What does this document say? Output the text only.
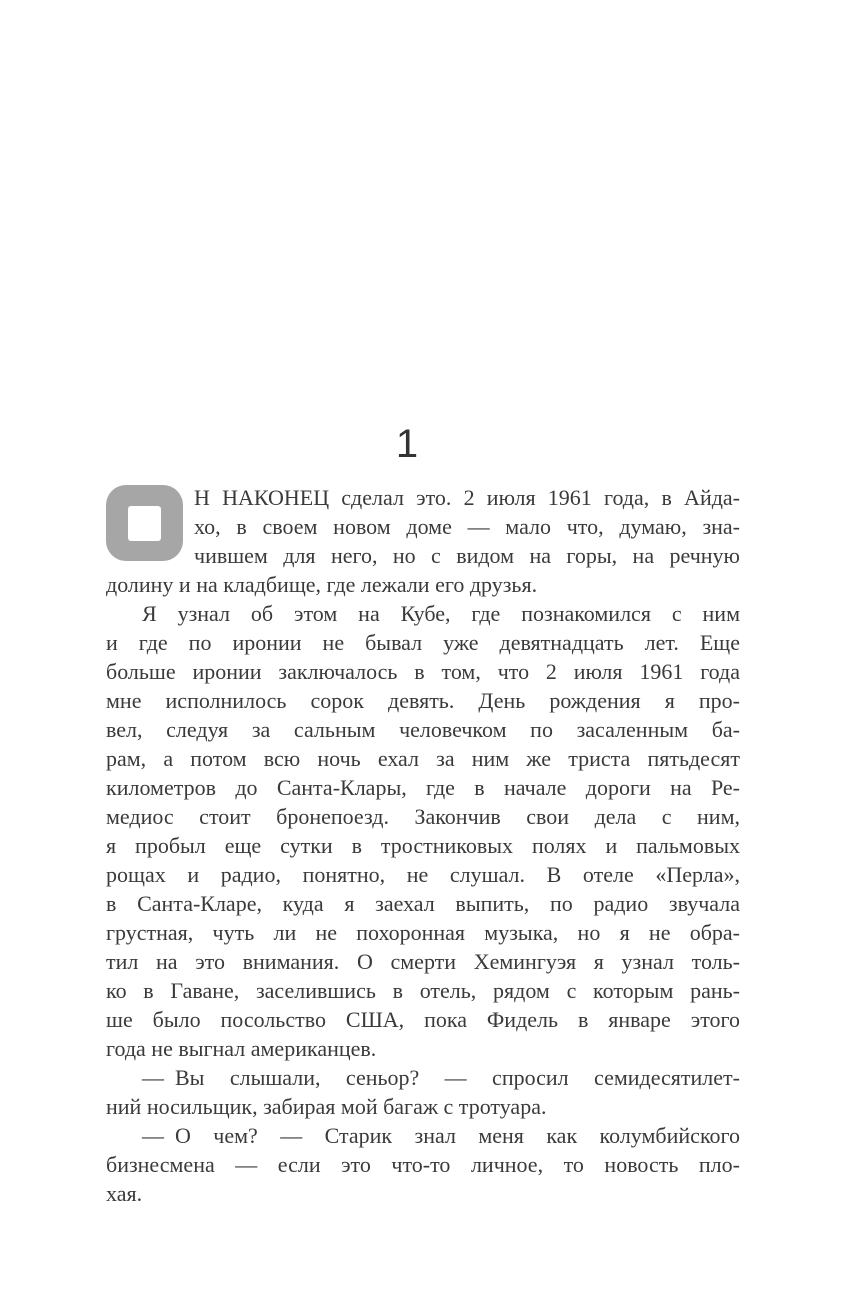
1
Н НАКОНЕЦ сделал это. 2 июля 1961 года, в Айда-
хо, в своем новом доме — мало что, думаю, зна-
чившем для него, но с видом на горы, на речную
долину и на кладбище, где лежали его друзья.
Я узнал об этом на Кубе, где познакомился с ним
и где по иронии не бывал уже девятнадцать лет. Еще
больше иронии заключалось в том, что 2 июля 1961 года
мне исполнилось сорок девять. День рождения я про-
вел, следуя за сальным человечком по засаленным ба-
рам, а потом всю ночь ехал за ним же триста пятьдесят
километров до Санта-Клары, где в начале дороги на Ре-
медиос стоит бронепоезд. Закончив свои дела с ним,
я пробыл еще сутки в тростниковых полях и пальмовых
рощах и радио, понятно, не слушал. В отеле «Перла»,
в Санта-Кларе, куда я заехал выпить, по радио звучала
грустная, чуть ли не похоронная музыка, но я не обра-
тил на это внимания. О смерти Хемингуэя я узнал толь-
ко в Гаване, заселившись в отель, рядом с которым рань-
ше было посольство США, пока Фидель в январе этого
года не выгнал американцев.
— Вы слышали, сеньор? — спросил семидесятилет-
ний носильщик, забирая мой багаж с тротуара.
— О чем? — Старик знал меня как колумбийского
бизнесмена — если это что-то личное, то новость пло-
хая.
